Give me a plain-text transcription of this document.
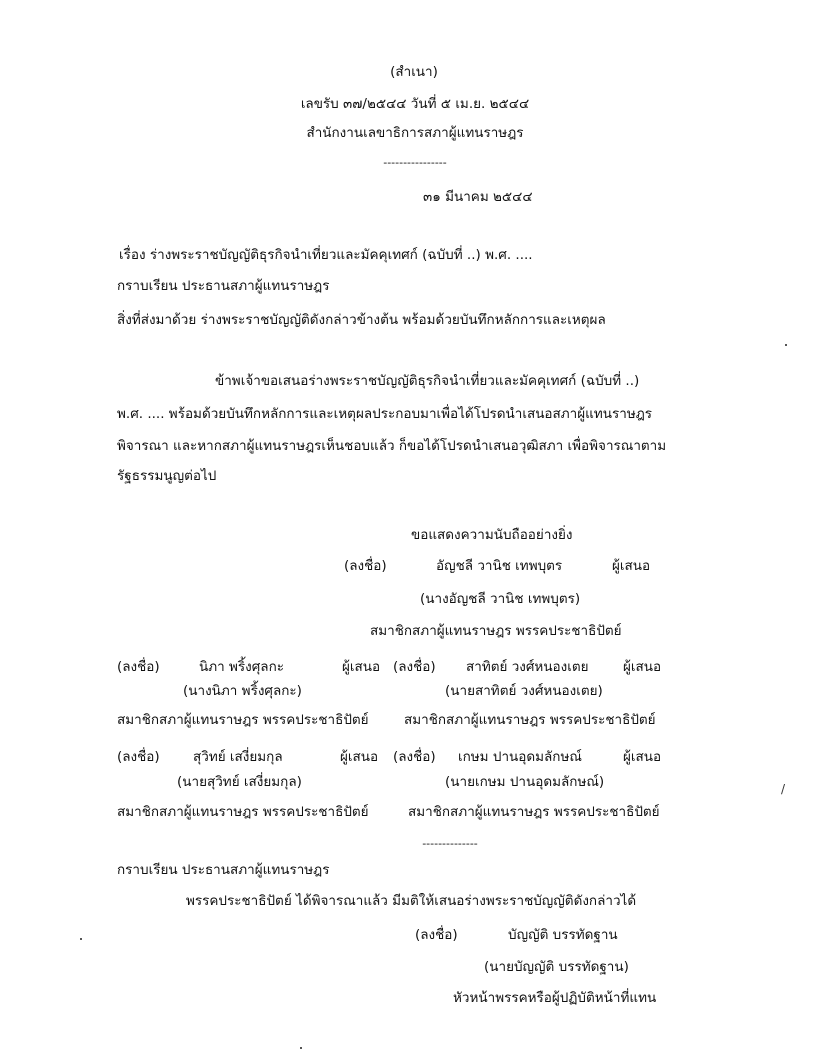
(สำเนา)
เลขรับ ๓๗/๒๕๔๔ วันที่ ๕ เม.ย. ๒๕๔๔
สำนักงานเลขาธิการสภาผู้แทนราษฎร
----------------
๓๑ มีนาคม ๒๕๔๔
เรื่อง ร่างพระราชบัญญัติธุรกิจนำเที่ยวและมัคคุเทศก์ (ฉบับที่ ..) พ.ศ. ....
กราบเรียน ประธานสภาผู้แทนราษฎร
สิ่งที่ส่งมาด้วย ร่างพระราชบัญญัติดังกล่าวข้างต้น พร้อมด้วยบันทึกหลักการและเหตุผล
ข้าพเจ้าขอเสนอร่างพระราชบัญญัติธุรกิจนำเที่ยวและมัคคุเทศก์ (ฉบับที่ ..)
พ.ศ. .... พร้อมด้วยบันทึกหลักการและเหตุผลประกอบมาเพื่อได้โปรดนำเสนอสภาผู้แทนราษฎร
พิจารณา และหากสภาผู้แทนราษฎรเห็นชอบแล้ว ก็ขอได้โปรดนำเสนอวุฒิสภา เพื่อพิจารณาตาม
รัฐธรรมนูญต่อไป
ขอแสดงความนับถืออย่างยิ่ง
(ลงชื่อ)	อัญชลี วานิช เทพบุตร	ผู้เสนอ
(นางอัญชลี วานิช เทพบุตร)
สมาชิกสภาผู้แทนราษฎร พรรคประชาธิปัตย์
(ลงชื่อ)	นิภา พริ้งศุลกะ	ผู้เสนอ (ลงชื่อ) สาทิตย์ วงศ์หนองเตย	ผู้เสนอ
(นางนิภา พริ้งศุลกะ)	(นายสาทิตย์ วงศ์หนองเตย)
สมาชิกสภาผู้แทนราษฎร พรรคประชาธิปัตย์	สมาชิกสภาผู้แทนราษฎร พรรคประชาธิปัตย์
(ลงชื่อ) สุวิทย์ เสงี่ยมกุล	ผู้เสนอ (ลงชื่อ) เกษม ปานอุดมลักษณ์	ผู้เสนอ
(นายสุวิทย์ เสงี่ยมกุล)	(นายเกษม ปานอุดมลักษณ์)
สมาชิกสภาผู้แทนราษฎร พรรคประชาธิปัตย์	สมาชิกสภาผู้แทนราษฎร พรรคประชาธิปัตย์
--------------
กราบเรียน ประธานสภาผู้แทนราษฎร
พรรคประชาธิปัตย์ ได้พิจารณาแล้ว มีมติให้เสนอร่างพระราชบัญญัติดังกล่าวได้
(ลงชื่อ)	บัญญัติ บรรทัดฐาน
(นายบัญญัติ บรรทัดฐาน)
หัวหน้าพรรคหรือผู้ปฏิบัติหน้าที่แทน
/
